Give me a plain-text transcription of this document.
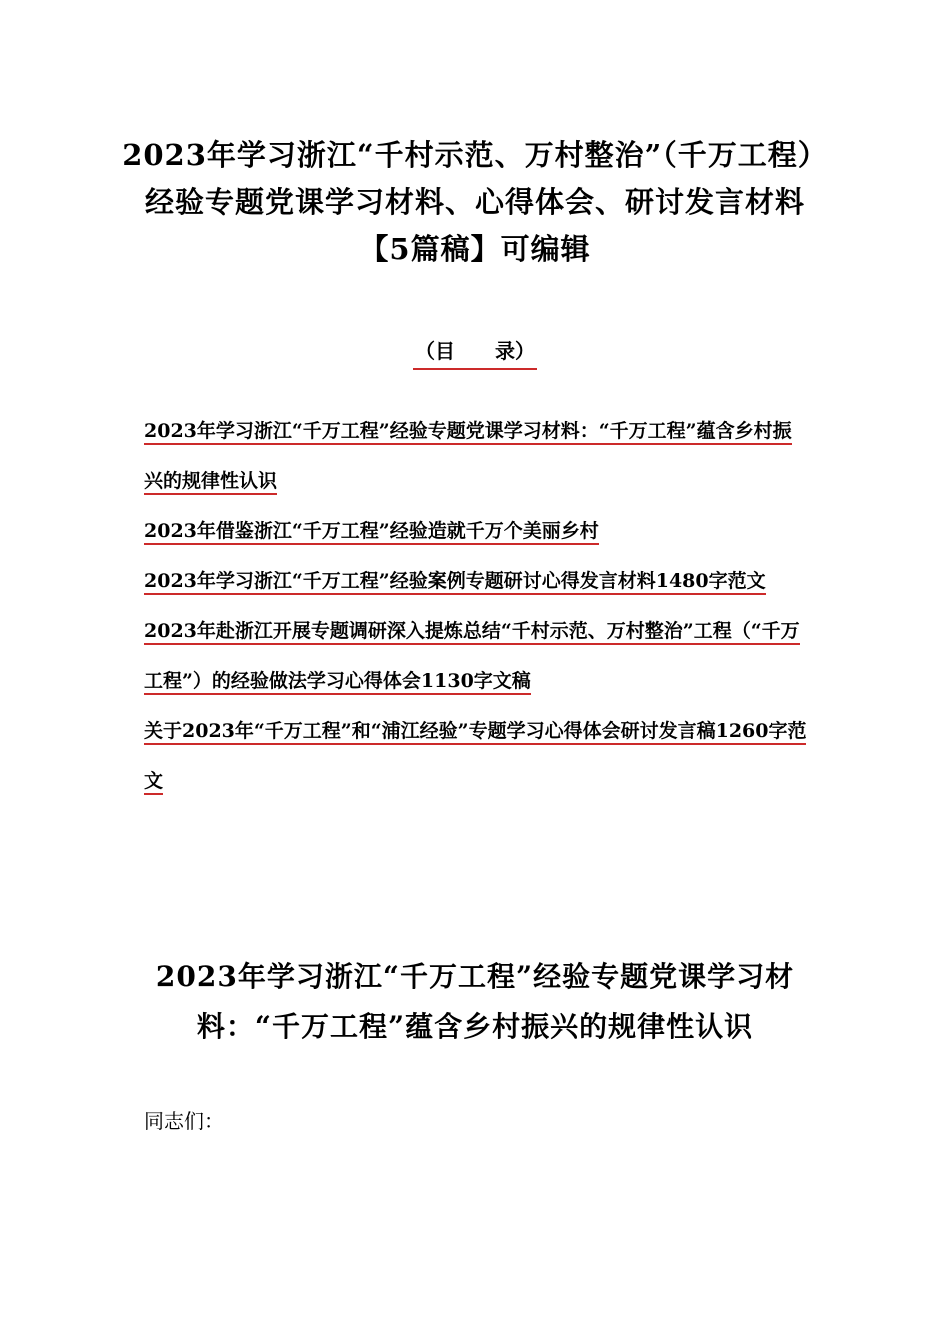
2023年学习浙江“千村示范、万村整治”（千万工程）经验专题党课学习材料、心得体会、研讨发言材料【5篇稿】可编辑
（目　　录）
2023年学习浙江“千万工程”经验专题党课学习材料：“千万工程”蕴含乡村振兴的规律性认识
2023年借鉴浙江“千万工程”经验造就千万个美丽乡村
2023年学习浙江“千万工程”经验案例专题研讨心得发言材料1480字范文
2023年赴浙江开展专题调研深入提炼总结“千村示范、万村整治”工程（“千万工程”）的经验做法学习心得体会1130字文稿
关于2023年“千万工程”和“浦江经验”专题学习心得体会研讨发言稿1260字范文
2023年学习浙江“千万工程”经验专题党课学习材料：“千万工程”蕴含乡村振兴的规律性认识
同志们：
